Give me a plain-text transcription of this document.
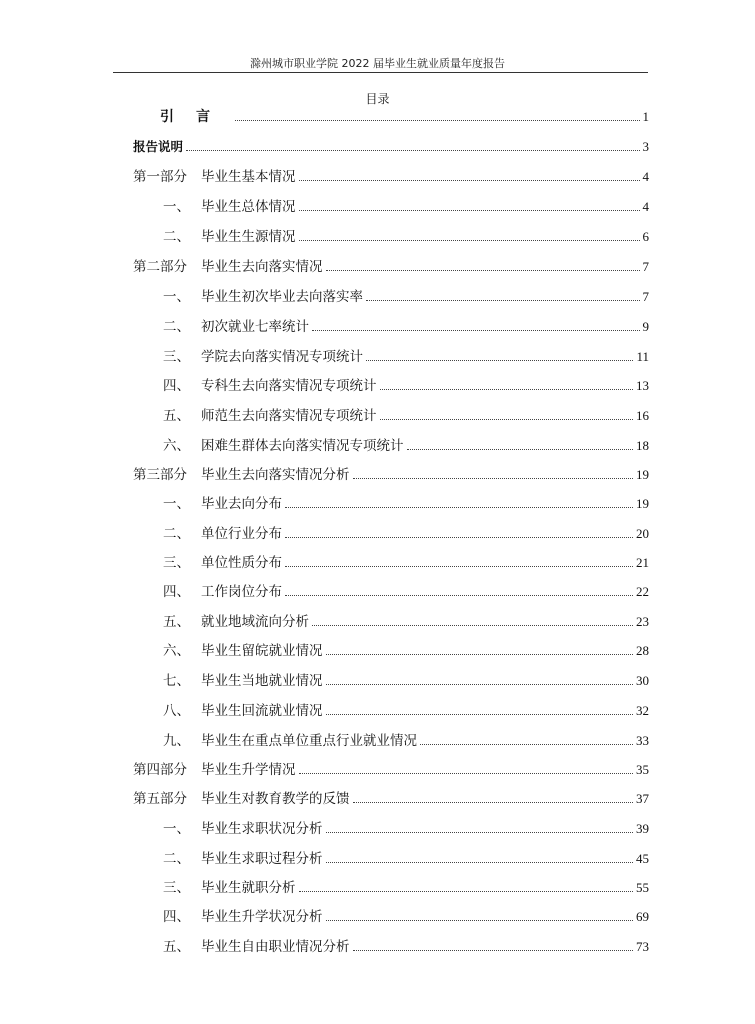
滁州城市职业学院 2022 届毕业生就业质量年度报告
目录
引言	1
报告说明	3
第一部分	毕业生基本情况	4
一、 毕业生总体情况	4
二、 毕业生生源情况	6
第二部分	毕业生去向落实情况	7
一、 毕业生初次毕业去向落实率	7
二、 初次就业七率统计	9
三、 学院去向落实情况专项统计	11
四、 专科生去向落实情况专项统计	13
五、 师范生去向落实情况专项统计	16
六、 困难生群体去向落实情况专项统计	18
第三部分	毕业生去向落实情况分析	19
一、 毕业去向分布	19
二、 单位行业分布	20
三、 单位性质分布	21
四、 工作岗位分布	22
五、 就业地域流向分析	23
六、 毕业生留皖就业情况	28
七、 毕业生当地就业情况	30
八、 毕业生回流就业情况	32
九、 毕业生在重点单位重点行业就业情况	33
第四部分	毕业生升学情况	35
第五部分	毕业生对教育教学的反馈	37
一、 毕业生求职状况分析	39
二、 毕业生求职过程分析	45
三、 毕业生就职分析	55
四、 毕业生升学状况分析	69
五、 毕业生自由职业情况分析	73
